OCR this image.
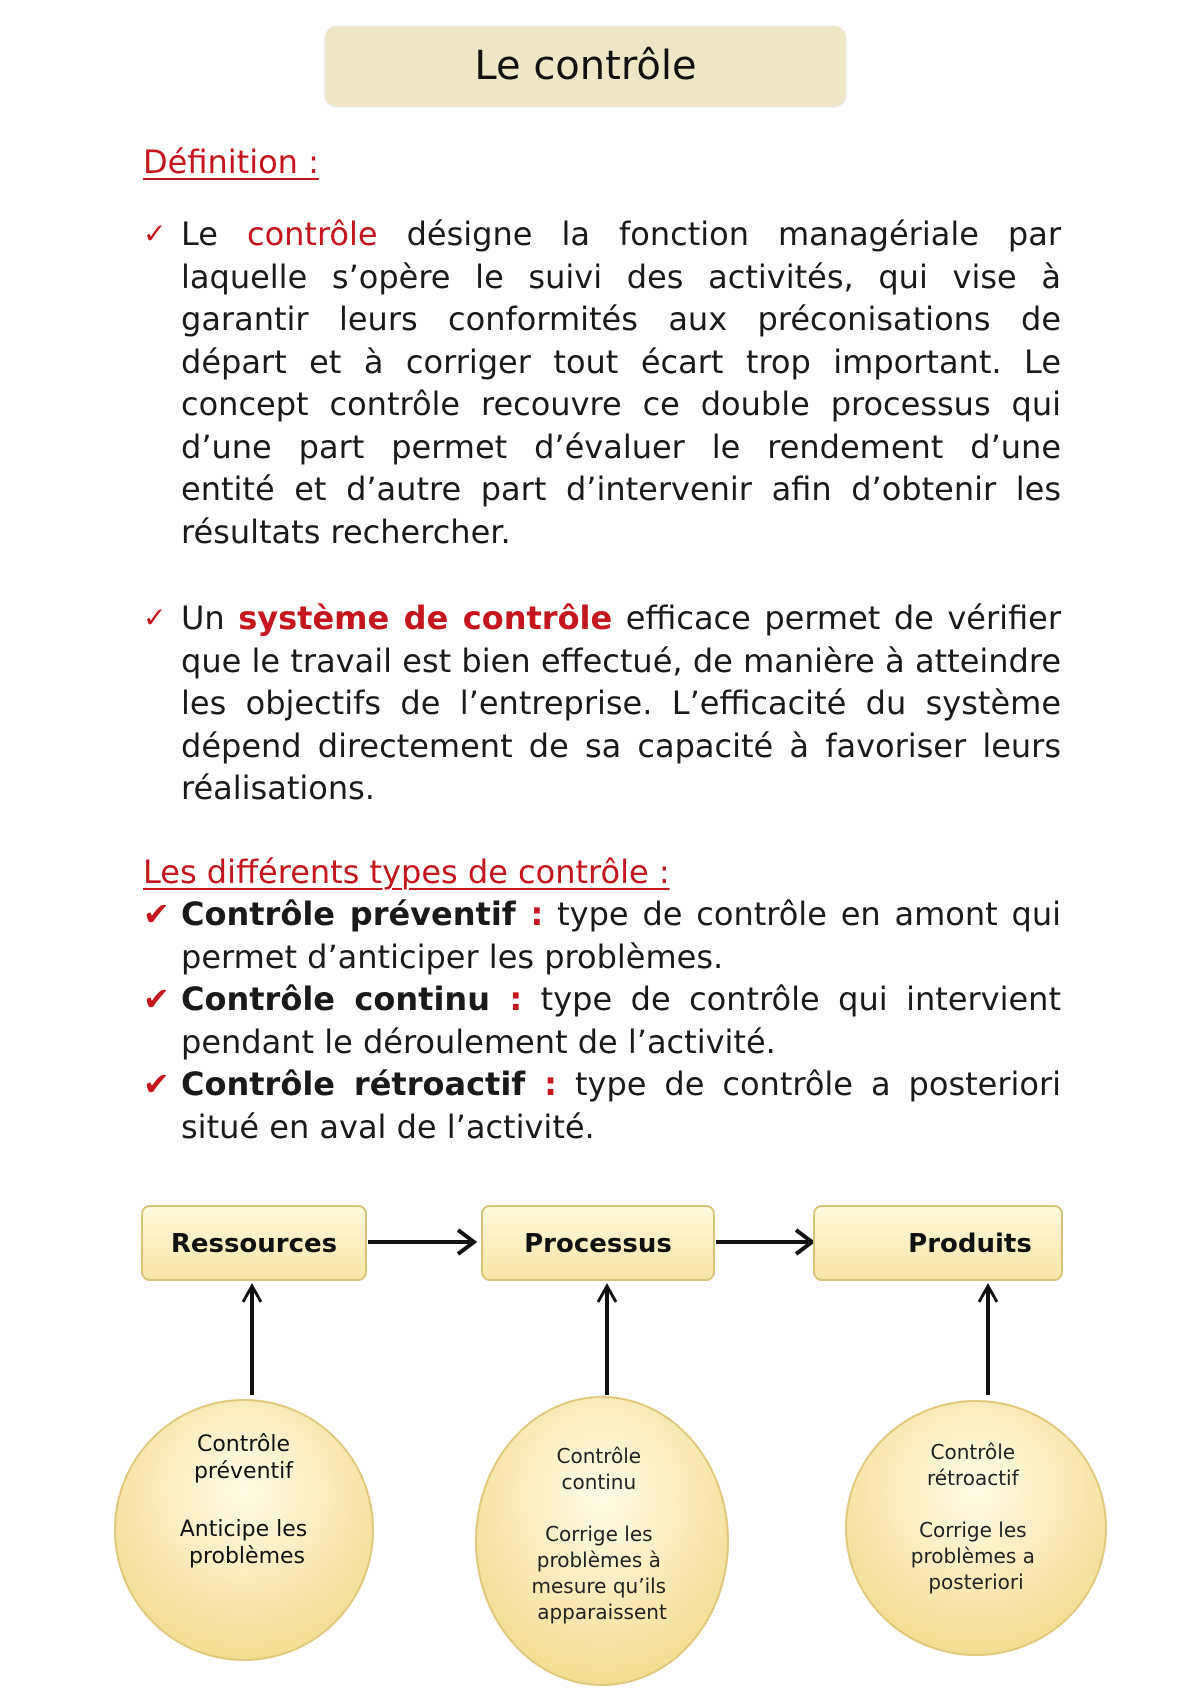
Le contrôle
Définition :
✓ Le contrôle désigne la fonction managériale par laquelle s’opère le suivi des activités, qui vise à garantir leurs conformités aux préconisations de départ et à corriger tout écart trop important. Le concept contrôle recouvre ce double processus qui d’une part permet d’évaluer le rendement d’une entité et d’autre part d’intervenir afin d’obtenir les résultats rechercher.
✓ Un système de contrôle efficace permet de vérifier que le travail est bien effectué, de manière à atteindre les objectifs de l’entreprise. L’efficacité du système dépend directement de sa capacité à favoriser leurs réalisations.
Les différents types de contrôle :
✔ Contrôle préventif : type de contrôle en amont qui permet d’anticiper les problèmes.
✔ Contrôle continu : type de contrôle qui intervient pendant le déroulement de l’activité.
✔ Contrôle rétroactif : type de contrôle a posteriori situé en aval de l’activité.
Ressources	Processus	Produits
Contrôle préventif Anticipe les problèmes
Contrôle continu Corrige les problèmes à mesure qu’ils apparaissent
Contrôle rétroactif Corrige les problèmes a posteriori
